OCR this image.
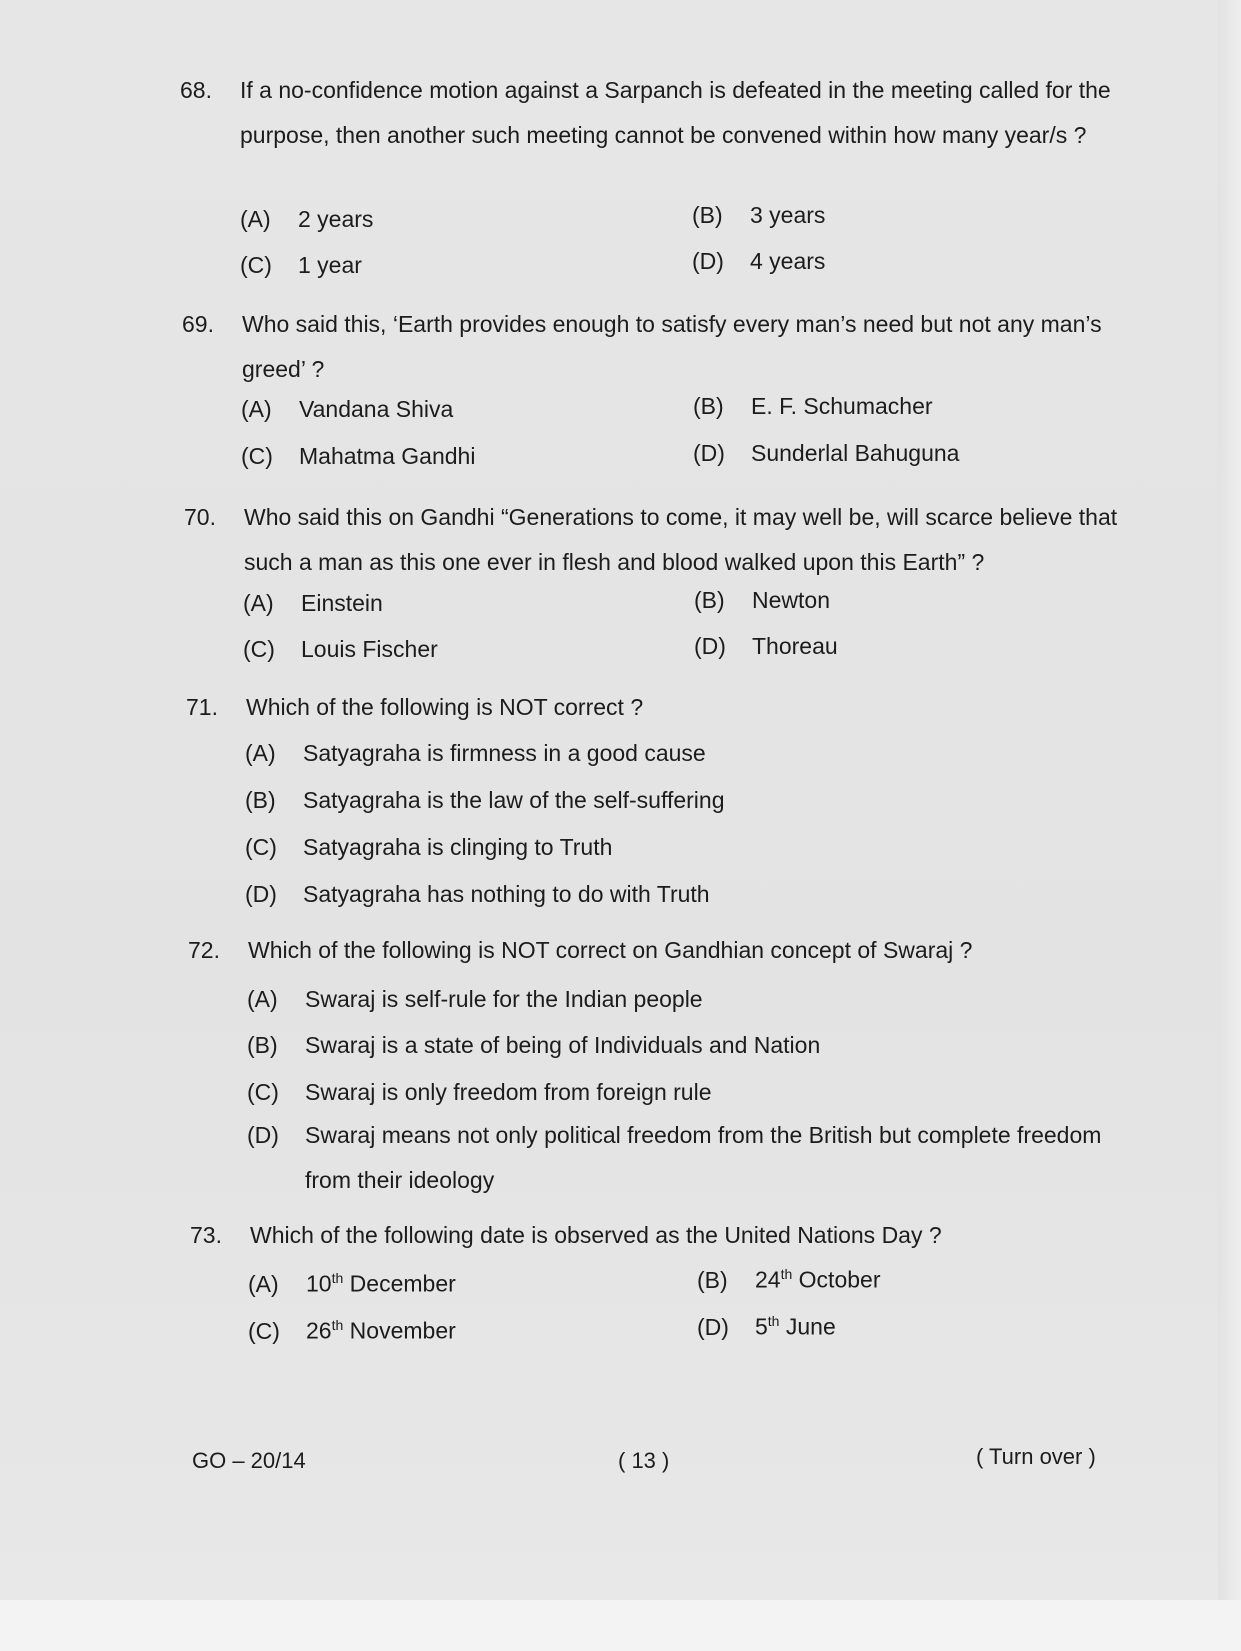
68. If a no-confidence motion against a Sarpanch is defeated in the meeting called for the purpose, then another such meeting cannot be convened within how many year/s ?
(A) 2 years	(B) 3 years
(C) 1 year	(D) 4 years
69. Who said this, ‘Earth provides enough to satisfy every man’s need but not any man’s greed’ ?
(A) Vandana Shiva	(B) E. F. Schumacher
(C) Mahatma Gandhi	(D) Sunderlal Bahuguna
70. Who said this on Gandhi “Generations to come, it may well be, will scarce believe that such a man as this one ever in flesh and blood walked upon this Earth” ?
(A) Einstein	(B) Newton
(C) Louis Fischer	(D) Thoreau
71. Which of the following is NOT correct ?
(A) Satyagraha is firmness in a good cause
(B) Satyagraha is the law of the self-suffering
(C) Satyagraha is clinging to Truth
(D) Satyagraha has nothing to do with Truth
72. Which of the following is NOT correct on Gandhian concept of Swaraj ?
(A) Swaraj is self-rule for the Indian people
(B) Swaraj is a state of being of Individuals and Nation
(C) Swaraj is only freedom from foreign rule
(D)	Swaraj means not only political freedom from the British but complete freedom from their ideology
73. Which of the following date is observed as the United Nations Day ?
(A) 10th December	(B) 24th October
(C) 26th November	(D) 5th June
GO – 20/14	( 13 )	( Turn over )
